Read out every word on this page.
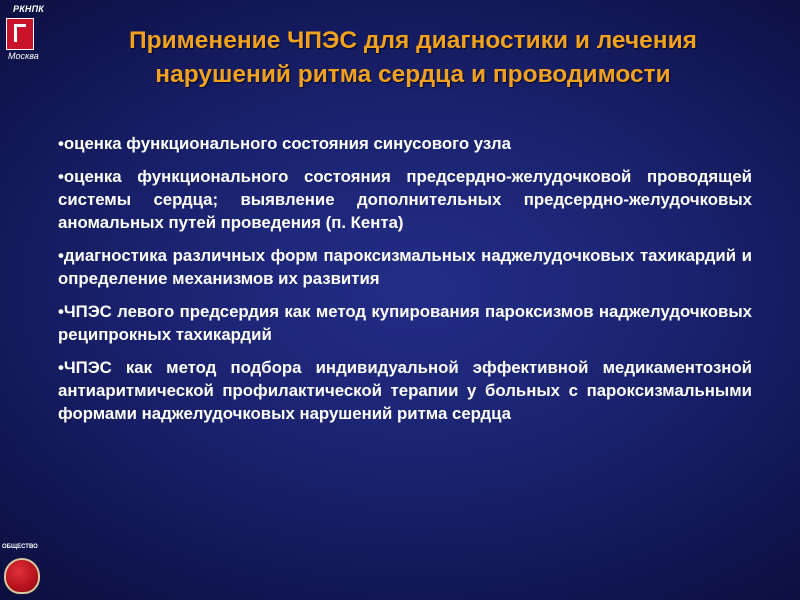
РКНПК
Москва
Применение ЧПЭС для диагностики и лечения
нарушений ритма сердца и проводимости
•оценка функционального состояния синусового узла
•оценка функционального состояния предсердно-желудочковой проводящей системы сердца; выявление дополнительных предсердно-желудочковых аномальных путей проведения (п. Кента)
•диагностика различных форм пароксизмальных наджелудочковых тахикардий и определение механизмов их развития
•ЧПЭС левого предсердия как метод купирования пароксизмов наджелудочковых реципрокных тахикардий
•ЧПЭС как метод подбора индивидуальной эффективной медикаментозной антиаритмической профилактической терапии у больных с пароксизмальными формами наджелудочковых нарушений ритма сердца
ОБЩЕСТВО
